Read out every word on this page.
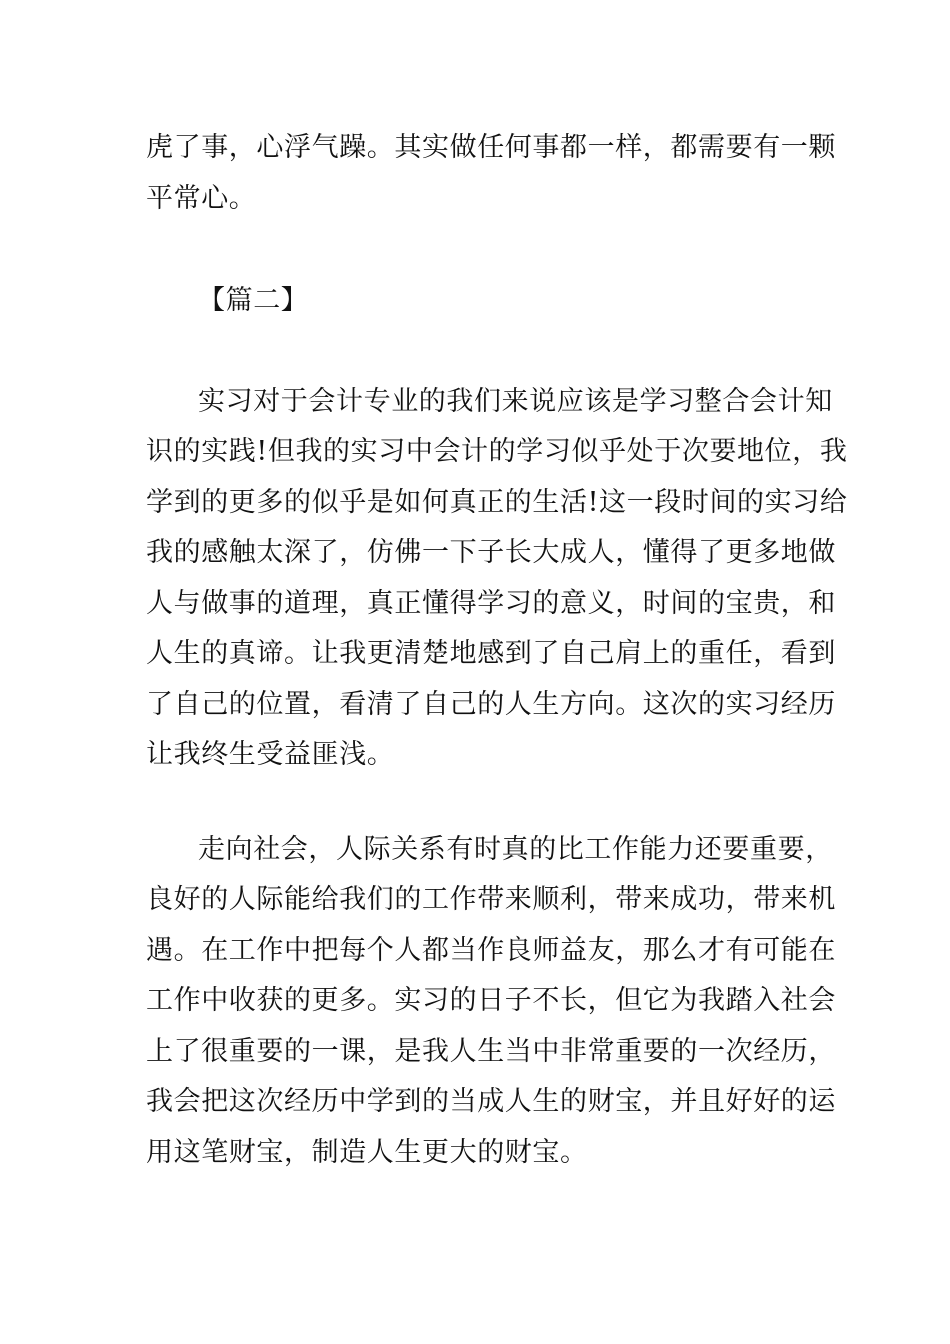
虎了事，心浮气躁。其实做任何事都一样，都需要有一颗
平常心。
【篇二】
实习对于会计专业的我们来说应该是学习整合会计知
识的实践!但我的实习中会计的学习似乎处于次要地位，我
学到的更多的似乎是如何真正的生活!这一段时间的实习给
我的感触太深了，仿佛一下子长大成人，懂得了更多地做
人与做事的道理，真正懂得学习的意义，时间的宝贵，和
人生的真谛。让我更清楚地感到了自己肩上的重任，看到
了自己的位置，看清了自己的人生方向。这次的实习经历
让我终生受益匪浅。
走向社会，人际关系有时真的比工作能力还要重要，
良好的人际能给我们的工作带来顺利，带来成功，带来机
遇。在工作中把每个人都当作良师益友，那么才有可能在
工作中收获的更多。实习的日子不长，但它为我踏入社会
上了很重要的一课，是我人生当中非常重要的一次经历，
我会把这次经历中学到的当成人生的财宝，并且好好的运
用这笔财宝，制造人生更大的财宝。
